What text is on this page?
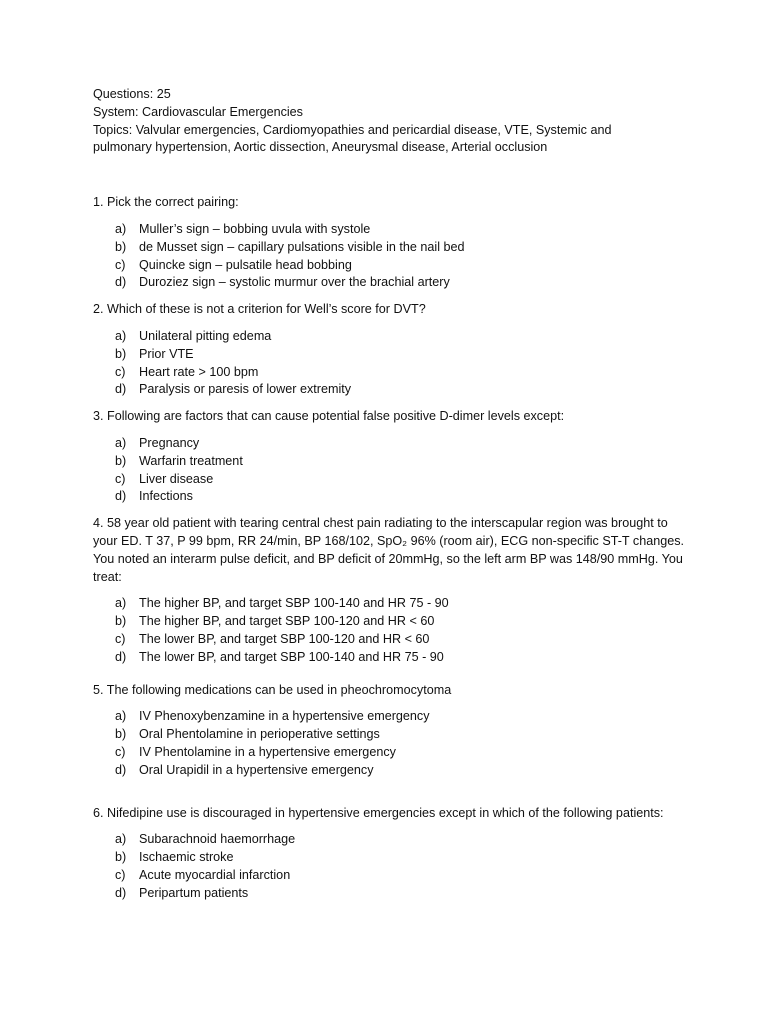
Questions: 25
System: Cardiovascular Emergencies
Topics: Valvular emergencies, Cardiomyopathies and pericardial disease, VTE, Systemic and pulmonary hypertension, Aortic dissection, Aneurysmal disease, Arterial occlusion
1. Pick the correct pairing:
a) Muller’s sign – bobbing uvula with systole
b) de Musset sign – capillary pulsations visible in the nail bed
c) Quincke sign – pulsatile head bobbing
d) Duroziez sign – systolic murmur over the brachial artery
2. Which of these is not a criterion for Well’s score for DVT?
a) Unilateral pitting edema
b) Prior VTE
c) Heart rate > 100 bpm
d) Paralysis or paresis of lower extremity
3. Following are factors that can cause potential false positive D-dimer levels except:
a) Pregnancy
b) Warfarin treatment
c) Liver disease
d) Infections
4. 58 year old patient with tearing central chest pain radiating to the interscapular region was brought to your ED. T 37, P 99 bpm, RR 24/min, BP 168/102, SpO₂ 96% (room air), ECG non-specific ST-T changes. You noted an interarm pulse deficit, and BP deficit of 20mmHg, so the left arm BP was 148/90 mmHg. You treat:
a) The higher BP, and target SBP 100-140 and HR 75 - 90
b) The higher BP, and target SBP 100-120 and HR < 60
c) The lower BP, and target SBP 100-120 and HR < 60
d) The lower BP, and target SBP 100-140 and HR 75 - 90
5. The following medications can be used in pheochromocytoma
a) IV Phenoxybenzamine in a hypertensive emergency
b) Oral Phentolamine in perioperative settings
c) IV Phentolamine in a hypertensive emergency
d) Oral Urapidil in a hypertensive emergency
6. Nifedipine use is discouraged in hypertensive emergencies except in which of the following patients:
a) Subarachnoid haemorrhage
b) Ischaemic stroke
c) Acute myocardial infarction
d) Peripartum patients
